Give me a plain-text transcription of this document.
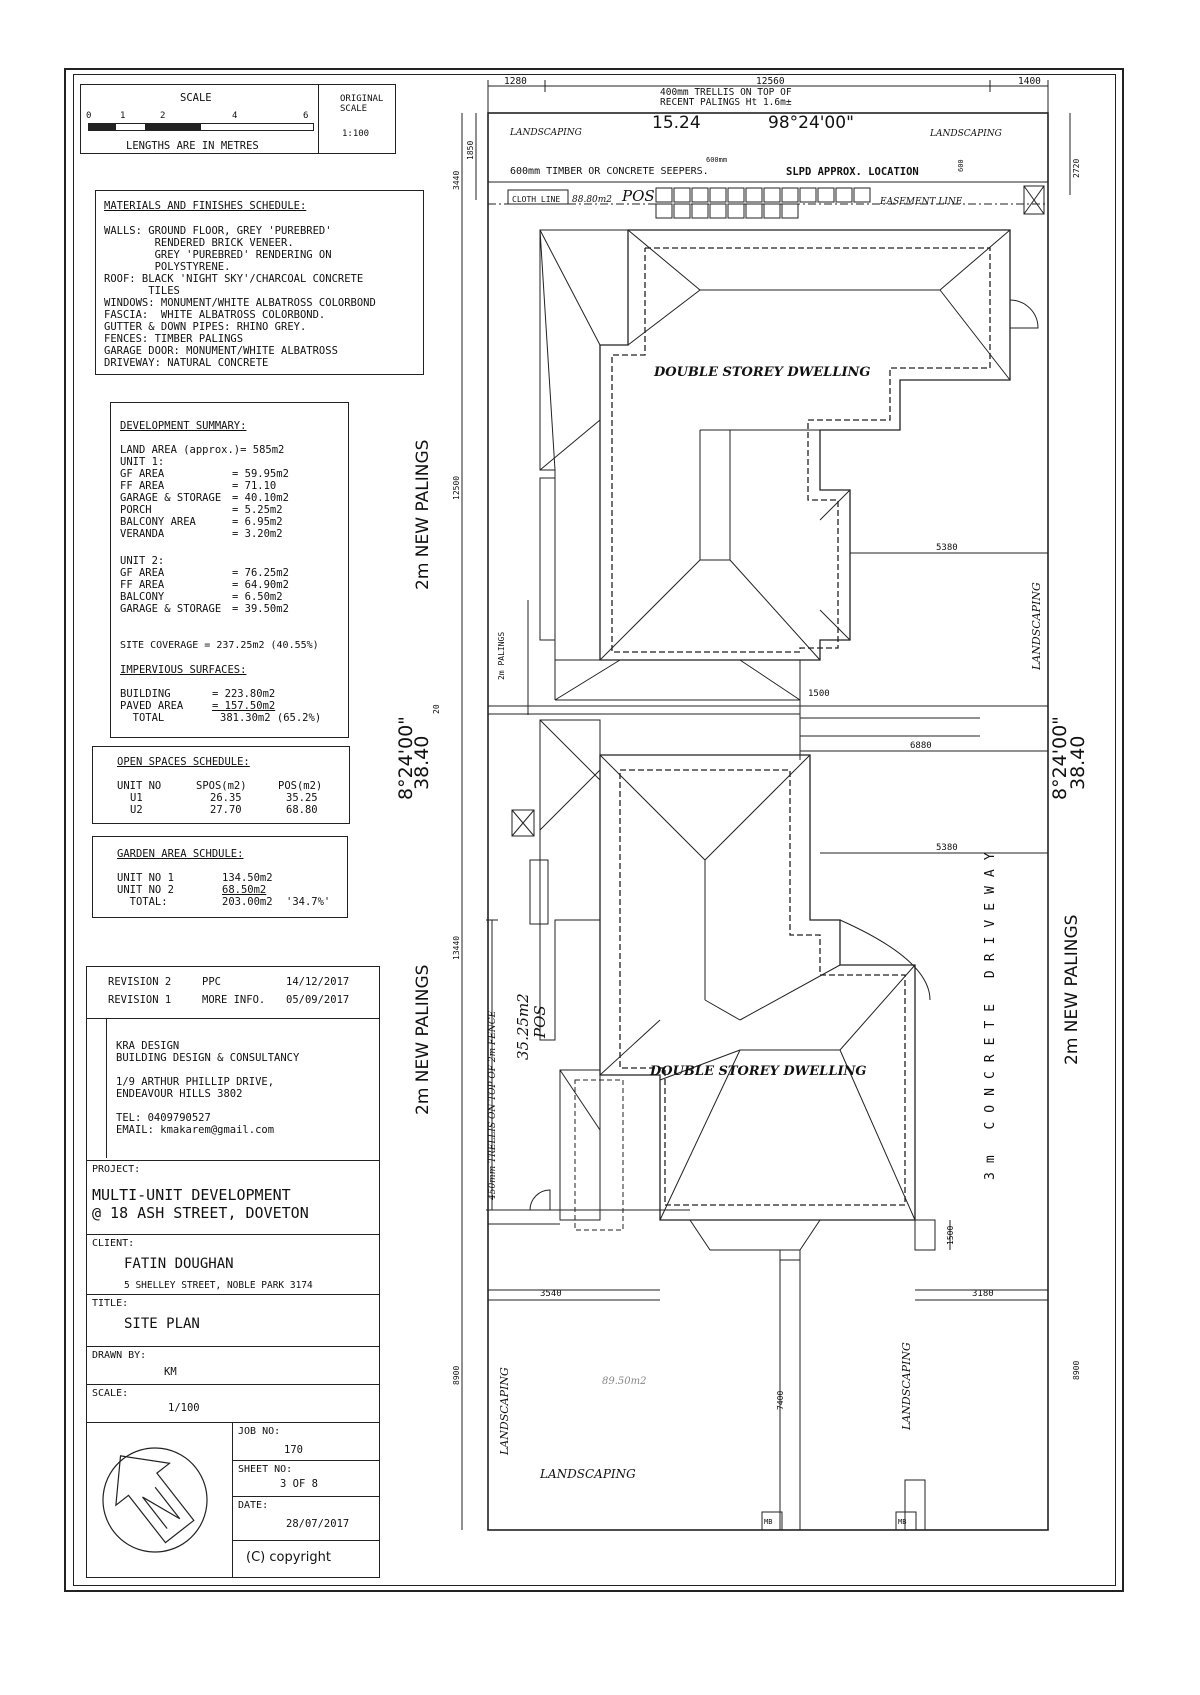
SCALE
0	1	2	4	6
LENGTHS ARE IN METRES
ORIGINAL SCALE
1:100
MATERIALS AND FINISHES SCHEDULE:
WALLS: GROUND FLOOR, GREY 'PUREBRED'
RENDERED BRICK VENEER.
GREY 'PUREBRED' RENDERING ON
POLYSTYRENE.
ROOF: BLACK 'NIGHT SKY'/CHARCOAL CONCRETE
TILES
WINDOWS: MONUMENT/WHITE ALBATROSS COLORBOND
FASCIA:  WHITE ALBATROSS COLORBOND.
GUTTER & DOWN PIPES: RHINO GREY.
FENCES: TIMBER PALINGS
GARAGE DOOR: MONUMENT/WHITE ALBATROSS
DRIVEWAY: NATURAL CONCRETE
DEVELOPMENT SUMMARY:
LAND AREA (approx.)= 585m2
UNIT 1:
GF AREA	= 59.95m2
FF AREA	= 71.10
GARAGE & STORAGE = 40.10m2
PORCH	= 5.25m2
BALCONY AREA	= 6.95m2
VERANDA	= 3.20m2
UNIT 2:
GF AREA	= 76.25m2
FF AREA	= 64.90m2
BALCONY	= 6.50m2
GARAGE & STORAGE = 39.50m2
SITE COVERAGE = 237.25m2 (40.55%)
IMPERVIOUS SURFACES:
BUILDING	= 223.80m2
PAVED AREA	= 157.50m2
TOTAL	381.30m2 (65.2%)
OPEN SPACES SCHEDULE:
UNIT NO	SPOS(m2)	POS(m2)
U1	26.35	35.25
U2	27.70	68.80
GARDEN AREA SCHDULE:
UNIT NO 1	134.50m2
UNIT NO 2	68.50m2
TOTAL:	203.00m2 '34.7%'
REVISION 2	PPC	14/12/2017
REVISION 1	MORE INFO. 05/09/2017
KRA DESIGN
BUILDING DESIGN & CONSULTANCY
1/9 ARTHUR PHILLIP DRIVE,
ENDEAVOUR HILLS 3802
TEL: 0409790527
EMAIL: kmakarem@gmail.com
PROJECT:
MULTI-UNIT DEVELOPMENT
@ 18 ASH STREET, DOVETON
CLIENT:
FATIN DOUGHAN
5 SHELLEY STREET, NOBLE PARK 3174
TITLE:
SITE PLAN
DRAWN BY:
KM
SCALE:
1/100
JOB NO:
170
SHEET NO:
3 OF 8
DATE:
28/07/2017
(C) copyright
1280	12560	1400
400mm TRELLIS ON TOP OF
RECENT PALINGS Ht 1.6m±
15.24	98°24'00"
LANDSCAPING	LANDSCAPING
600mm TIMBER OR CONCRETE SEEPERS.
600mm
SLPD APPROX. LOCATION
CLOTH LINE 88.80m2 POS	EASEMENT LINE
DOUBLE STOREY DWELLING
DOUBLE STOREY DWELLING
2m NEW PALINGS
2m NEW PALINGS	2m NEW PALINGS
2m PALINGS
8°24'00"
38.40	8°24'00"
38.40
3440
1850
12500
20
13440
8900
2720
600
8900
5380
1500
6880
5380
1500
3540	3180
7400
450mm TRELLIS ON TOP OF 2m FENCE 35.25m2 POS	3m CONCRETE DRIVEWAY
LANDSCAPING
LANDSCAPING	LANDSCAPING
LANDSCAPING
89.50m2
MB	MB
